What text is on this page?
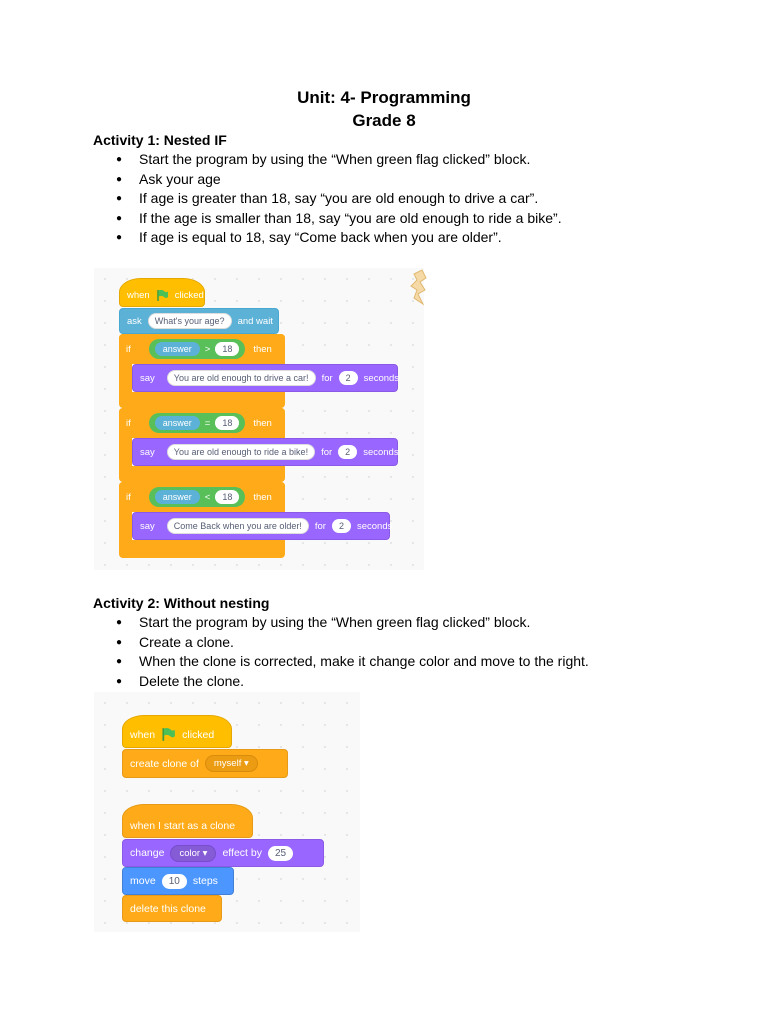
Unit: 4- Programming
Grade 8
Activity 1: Nested IF
● Start the program by using the “When green flag clicked” block.
● Ask your age
● If age is greater than 18, say “you are old enough to drive a car”.
● If the age is smaller than 18, say “you are old enough to ride a bike”.
● If age is equal to 18, say “Come back when you are older”.
when	clicked
ask	What's your age?	and wait
if	answer	>	18	then
say	You are old enough to drive a car!	for	2	seconds
if	answer	=	18	then
say	You are old enough to ride a bike!	for	2	seconds
if	answer	<	18	then
say	Come Back when you are older!	for	2	seconds
Activity 2: Without nesting
● Start the program by using the “When green flag clicked” block.
● Create a clone.
● When the clone is corrected, make it change color and move to the right.
● Delete the clone.
when	clicked
create clone of	myself ▾
when I start as a clone
change	color ▾	effect by	25
move	10	steps
delete this clone
